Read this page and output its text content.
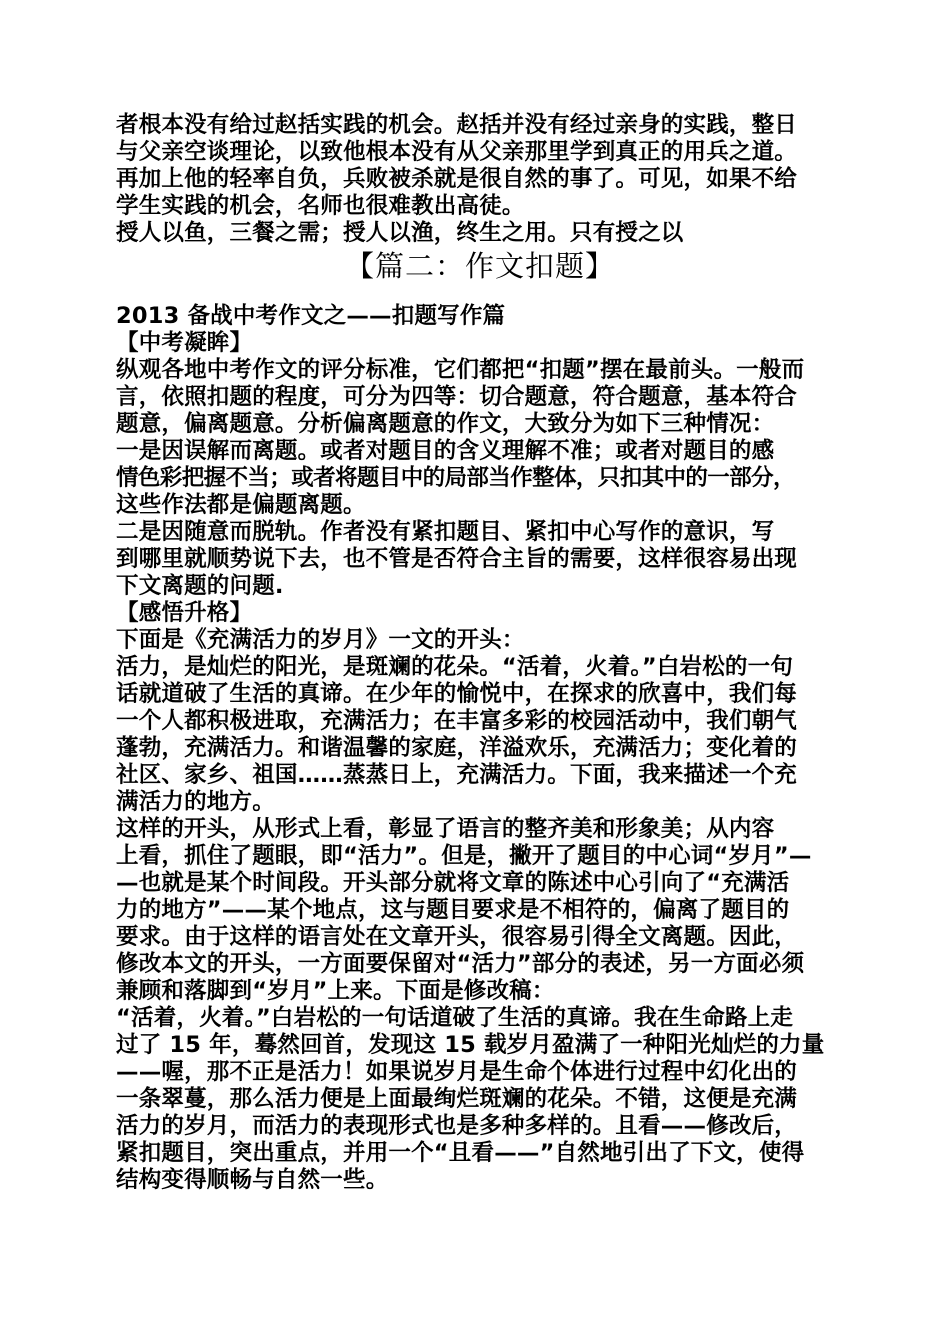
者根本没有给过赵括实践的机会。赵括并没有经过亲身的实践，整日
与父亲空谈理论，以致他根本没有从父亲那里学到真正的用兵之道。
再加上他的轻率自负，兵败被杀就是很自然的事了。可见，如果不给
学生实践的机会，名师也很难教出高徒。
授人以鱼，三餐之需；授人以渔，终生之用。只有授之以
【篇二：作文扣题】
2013 备战中考作文之——扣题写作篇
【中考凝眸】
纵观各地中考作文的评分标准，它们都把“扣题”摆在最前头。一般而
言，依照扣题的程度，可分为四等：切合题意，符合题意，基本符合
题意，偏离题意。分析偏离题意的作文，大致分为如下三种情况：
一是因误解而离题。或者对题目的含义理解不准；或者对题目的感
情色彩把握不当；或者将题目中的局部当作整体，只扣其中的一部分，
这些作法都是偏题离题。
二是因随意而脱轨。作者没有紧扣题目、紧扣中心写作的意识，写
到哪里就顺势说下去，也不管是否符合主旨的需要，这样很容易出现
下文离题的问题.
【感悟升格】
下面是《充满活力的岁月》一文的开头：
活力，是灿烂的阳光，是斑斓的花朵。“活着，火着。”白岩松的一句
话就道破了生活的真谛。在少年的愉悦中，在探求的欣喜中，我们每
一个人都积极进取，充满活力；在丰富多彩的校园活动中，我们朝气
蓬勃，充满活力。和谐温馨的家庭，洋溢欢乐，充满活力；变化着的
社区、家乡、祖国……蒸蒸日上，充满活力。下面，我来描述一个充
满活力的地方。
这样的开头，从形式上看，彰显了语言的整齐美和形象美；从内容
上看，抓住了题眼，即“活力”。但是，撇开了题目的中心词“岁月”—
—也就是某个时间段。开头部分就将文章的陈述中心引向了“充满活
力的地方”——某个地点，这与题目要求是不相符的，偏离了题目的
要求。由于这样的语言处在文章开头，很容易引得全文离题。因此，
修改本文的开头，一方面要保留对“活力”部分的表述，另一方面必须
兼顾和落脚到“岁月”上来。下面是修改稿：
“活着，火着。”白岩松的一句话道破了生活的真谛。我在生命路上走
过了 15 年，蓦然回首，发现这 15 载岁月盈满了一种阳光灿烂的力量
——喔，那不正是活力！如果说岁月是生命个体进行过程中幻化出的
一条翠蔓，那么活力便是上面最绚烂斑斓的花朵。不错，这便是充满
活力的岁月，而活力的表现形式也是多种多样的。且看——修改后，
紧扣题目，突出重点，并用一个“且看——”自然地引出了下文，使得
结构变得顺畅与自然一些。
